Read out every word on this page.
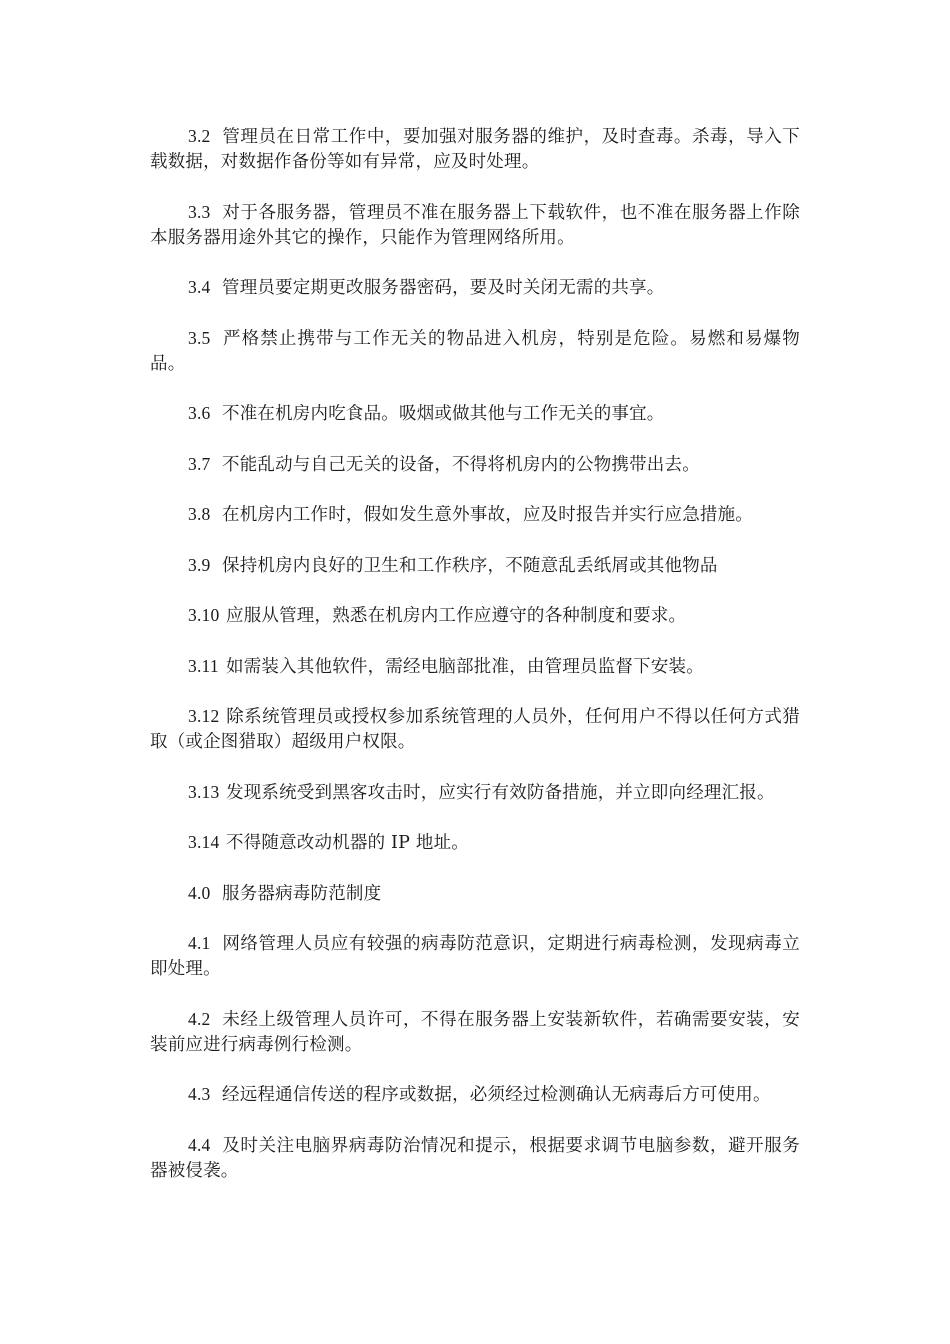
3.2 管理员在日常工作中，要加强对服务器的维护，及时查毒。杀毒，导入下载数据，对数据作备份等如有异常，应及时处理。

3.3 对于各服务器，管理员不准在服务器上下载软件，也不准在服务器上作除本服务器用途外其它的操作，只能作为管理网络所用。

3.4 管理员要定期更改服务器密码，要及时关闭无需的共享。

3.5 严格禁止携带与工作无关的物品进入机房，特别是危险。易燃和易爆物品。

3.6 不准在机房内吃食品。吸烟或做其他与工作无关的事宜。

3.7 不能乱动与自己无关的设备，不得将机房内的公物携带出去。

3.8 在机房内工作时，假如发生意外事故，应及时报告并实行应急措施。

3.9 保持机房内良好的卫生和工作秩序，不随意乱丢纸屑或其他物品

3.10 应服从管理，熟悉在机房内工作应遵守的各种制度和要求。

3.11 如需装入其他软件，需经电脑部批准，由管理员监督下安装。

3.12 除系统管理员或授权参加系统管理的人员外，任何用户不得以任何方式猎取（或企图猎取）超级用户权限。

3.13 发现系统受到黑客攻击时，应实行有效防备措施，并立即向经理汇报。

3.14 不得随意改动机器的 IP 地址。

4.0 服务器病毒防范制度

4.1 网络管理人员应有较强的病毒防范意识，定期进行病毒检测，发现病毒立即处理。

4.2 未经上级管理人员许可，不得在服务器上安装新软件，若确需要安装，安装前应进行病毒例行检测。

4.3 经远程通信传送的程序或数据，必须经过检测确认无病毒后方可使用。

4.4 及时关注电脑界病毒防治情况和提示，根据要求调节电脑参数，避开服务器被侵袭。
